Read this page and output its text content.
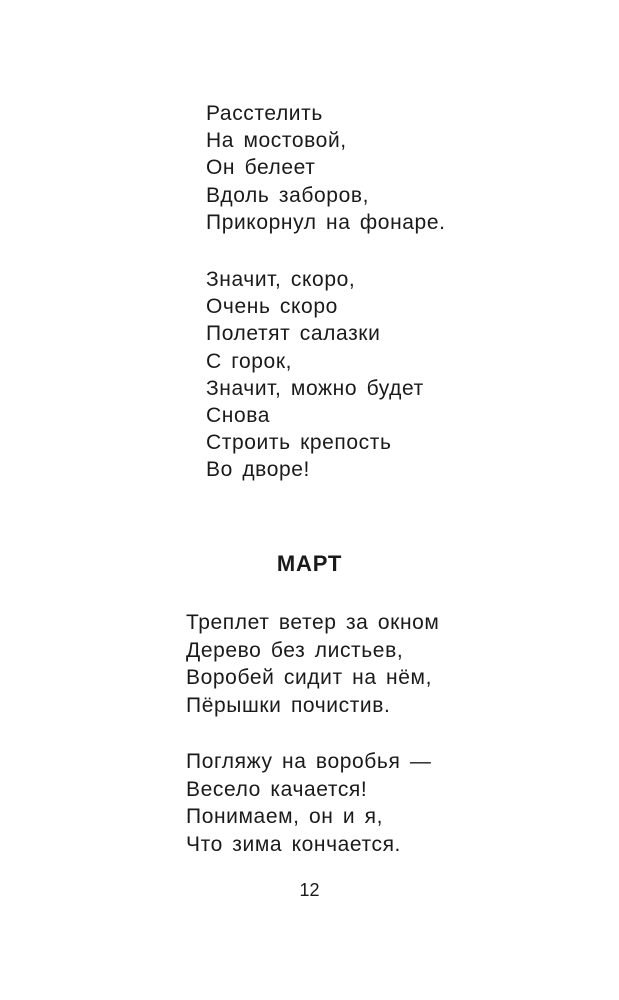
Расстелить
На мостовой,
Он белеет
Вдоль заборов,
Прикорнул на фонаре.
Значит, скоро,
Очень скоро
Полетят салазки
С горок,
Значит, можно будет
Снова
Строить крепость
Во дворе!
МАРТ
Треплет ветер за окном
Дерево без листьев,
Воробей сидит на нём,
Пёрышки почистив.
Погляжу на воробья —
Весело качается!
Понимаем, он и я,
Что зима кончается.

12
